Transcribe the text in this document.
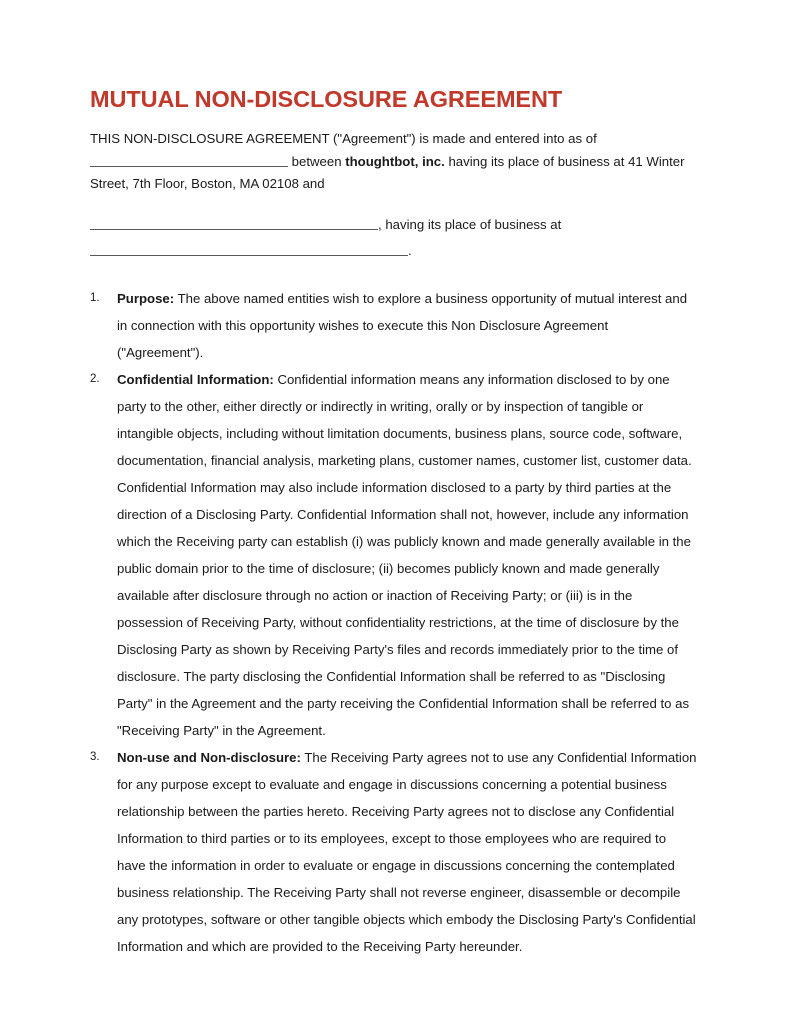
MUTUAL NON-DISCLOSURE AGREEMENT

THIS NON-DISCLOSURE AGREEMENT ("Agreement") is made and entered into as of  between thoughtbot, inc. having its place of business at 41 Winter Street, 7th Floor, Boston, MA 02108 and
, having its place of business at
.

1.	Purpose: The above named entities wish to explore a business opportunity of mutual interest and in connection with this opportunity wishes to execute this Non Disclosure Agreement ("Agreement").
2.	Confidential Information: Confidential information means any information disclosed to by one party to the other, either directly or indirectly in writing, orally or by inspection of tangible or intangible objects, including without limitation documents, business plans, source code, software, documentation, financial analysis, marketing plans, customer names, customer list, customer data. Confidential Information may also include information disclosed to a party by third parties at the direction of a Disclosing Party. Confidential Information shall not, however, include any information which the Receiving party can establish (i) was publicly known and made generally available in the public domain prior to the time of disclosure; (ii) becomes publicly known and made generally available after disclosure through no action or inaction of Receiving Party; or (iii) is in the possession of Receiving Party, without confidentiality restrictions, at the time of disclosure by the Disclosing Party as shown by Receiving Party's files and records immediately prior to the time of disclosure. The party disclosing the Confidential Information shall be referred to as "Disclosing Party" in the Agreement and the party receiving the Confidential Information shall be referred to as
"Receiving Party" in the Agreement.
3.	Non-use and Non-disclosure: The Receiving Party agrees not to use any Confidential Information for any purpose except to evaluate and engage in discussions concerning a potential business relationship between the parties hereto. Receiving Party agrees not to disclose any Confidential Information to third parties or to its employees, except to those employees who are required to have the information in order to evaluate or engage in discussions concerning the contemplated business relationship. The Receiving Party shall not reverse engineer, disassemble or decompile any prototypes, software or other tangible objects which embody the Disclosing Party's Confidential Information and which are provided to the Receiving Party hereunder.
